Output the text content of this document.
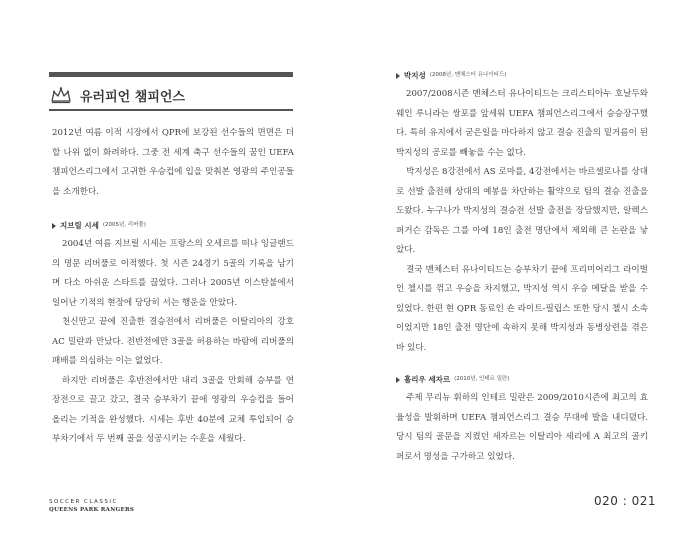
유러피언 챔피언스

2012년 여름 이적 시장에서 QPR에 보강된 선수들의 면면은 더할 나위 없이 화려하다. 그중 전 세계 축구 선수들의 꿈인 UEFA 챔피언스리그에서 고귀한 우승컵에 입을 맞춰본 영광의 주인공들을 소개한다.

지브릴 시세 (2005년, 리버풀)

2004년 여름 지브릴 시세는 프랑스의 오세르를 떠나 잉글랜드의 명문 리버풀로 이적했다. 첫 시즌 24경기 5골의 기록을 남기며 다소 아쉬운 스타트를 끊었다. 그러나 2005년 이스탄불에서 일어난 기적의 현장에 당당히 서는 행운을 안았다.

천신만고 끝에 진출한 결승전에서 리버풀은 이탈리아의 강호 AC 밀란과 만났다. 전반전에만 3골을 허용하는 바람에 리버풀의 패배를 의심하는 이는 없었다.

하지만 리버풀은 후반전에서만 내리 3골을 만회해 승부를 연장전으로 끌고 갔고, 결국 승부차기 끝에 영광의 우승컵을 들어 올리는 기적을 완성했다. 시세는 후반 40분에 교체 투입되어 승부차기에서 두 번째 골을 성공시키는 수훈을 세웠다.

박지성 (2008년, 맨체스터 유나이티드)

2007/2008시즌 맨체스터 유나이티드는 크리스티아누 호날두와 웨인 루니라는 쌍포를 앞세워 UEFA 챔피언스리그에서 승승장구했다. 특히 유지에서 굳은일을 마다하지 않고 결승 진출의 밑거름이 된 박지성의 공로를 빼놓을 수는 없다.

박지성은 8강전에서 AS 로마를, 4강전에서는 바르셀로나를 상대로 선발 출전해 상대의 예봉을 차단하는 활약으로 팀의 결승 진출을 도왔다. 누구나가 박지성의 결승전 선발 출전을 장담했지만, 알렉스 퍼거슨 감독은 그를 아예 18인 출전 명단에서 제외해 큰 논란을 낳았다.

결국 맨체스터 유나이티드는 승부차기 끝에 프리미어리그 라이벌인 첼시를 꺾고 우승을 차지했고, 박지성 역시 우승 메달을 받을 수 있었다. 한편 현 QPR 동료인 숀 라이트-필립스 또한 당시 첼시 소속이었지만 18인 출전 명단에 속하지 못해 박지성과 동병상련을 겪은 바 있다.

훌리우 세자르 (2010년, 인테르 밀란)

주제 무리뉴 휘하의 인테르 밀란은 2009/2010시즌에 최고의 효율성을 발휘하며 UEFA 챔피언스리그 결승 무대에 발을 내디뎠다. 당시 팀의 골문을 지켰던 세자르는 이탈리아 세리에 A 최고의 골키퍼로서 명성을 구가하고 있었다.

SOCCER CLASSIC
QUEENS PARK RANGERS
020 : 021
